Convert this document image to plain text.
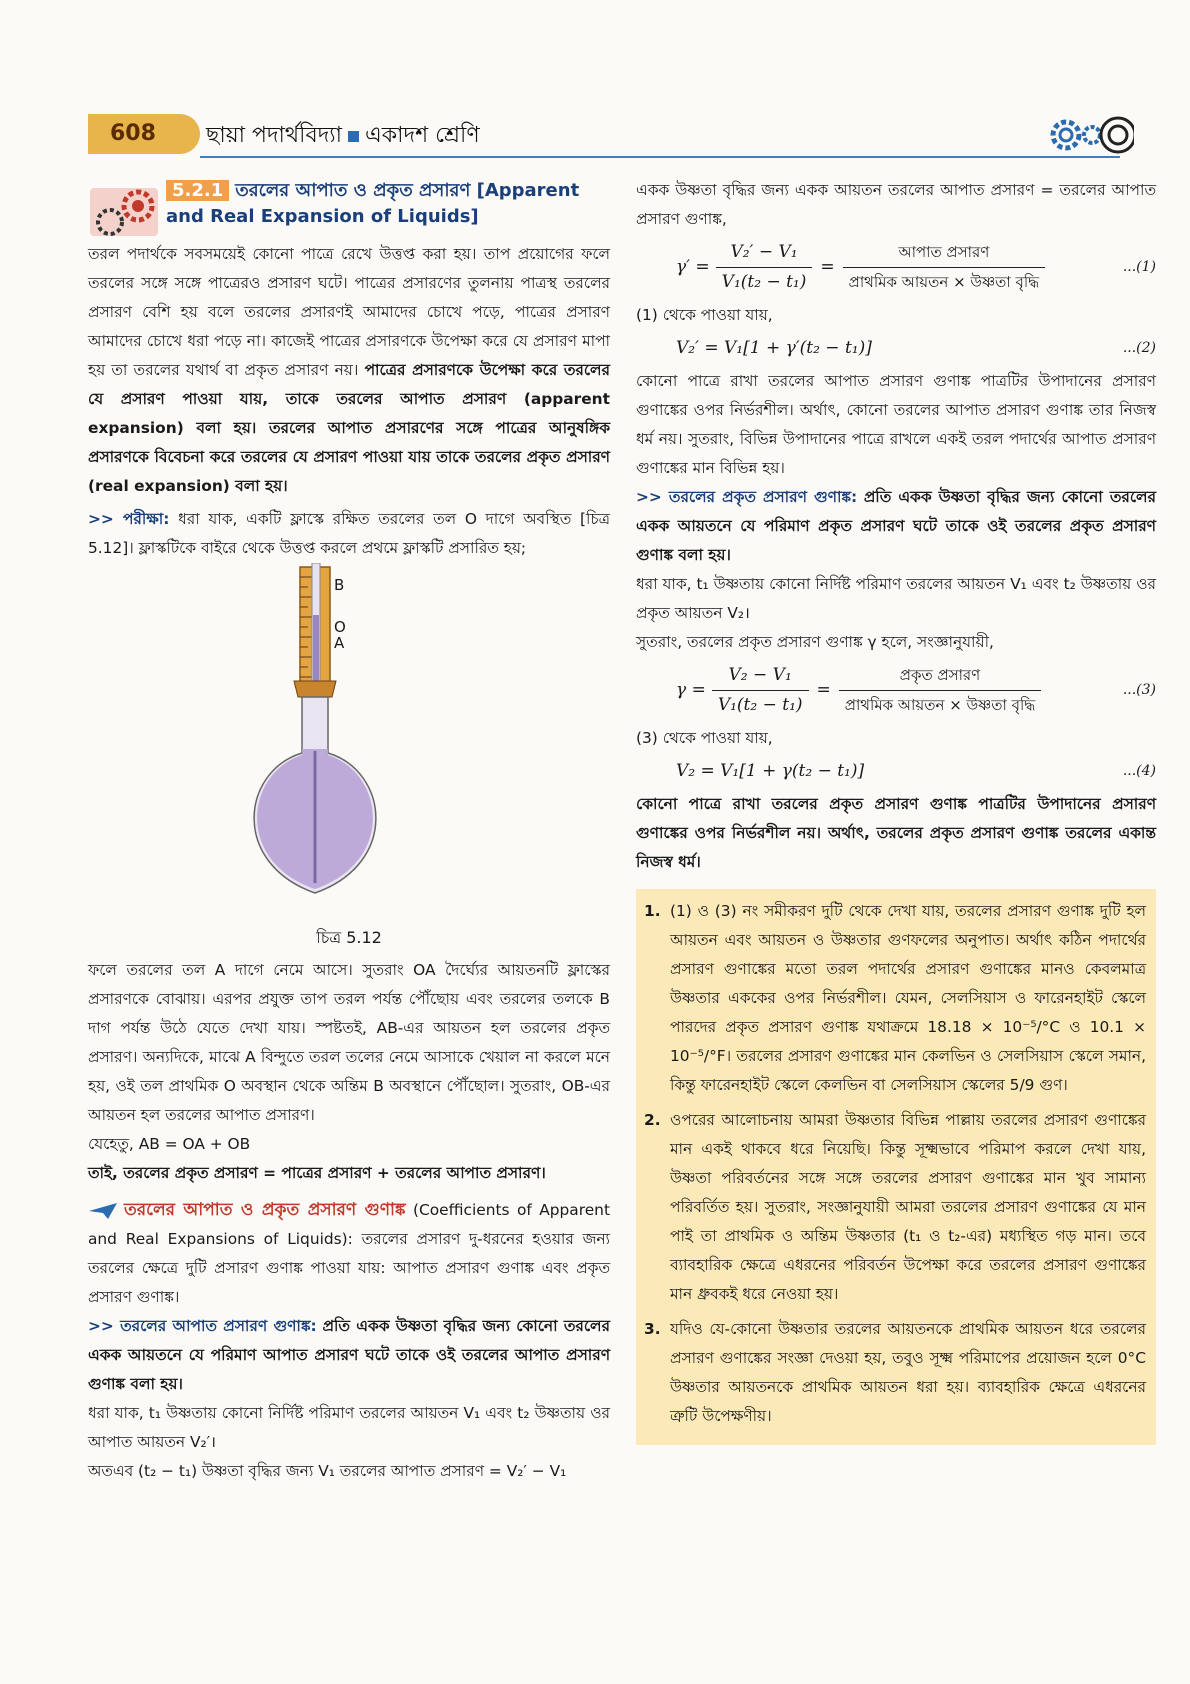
608	ছায়া পদার্থবিদ্যা একাদশ শ্রেণি
5.2.1 তরলের আপাত ও প্রকৃত প্রসারণ [Apparent and Real Expansion of Liquids]

তরল পদার্থকে সবসময়েই কোনো পাত্রে রেখে উত্তপ্ত করা হয়। তাপ প্রয়োগের ফলে তরলের সঙ্গে সঙ্গে পাত্রেরও প্রসারণ ঘটে। পাত্রের প্রসারণের তুলনায় পাত্রস্থ তরলের প্রসারণ বেশি হয় বলে তরলের প্রসারণই আমাদের চোখে পড়ে, পাত্রের প্রসারণ আমাদের চোখে ধরা পড়ে না। কাজেই পাত্রের প্রসারণকে উপেক্ষা করে যে প্রসারণ মাপা হয় তা তরলের যথার্থ বা প্রকৃত প্রসারণ নয়। পাত্রের প্রসারণকে উপেক্ষা করে তরলের যে প্রসারণ পাওয়া যায়, তাকে তরলের আপাত প্রসারণ (apparent expansion) বলা হয়। তরলের আপাত প্রসারণের সঙ্গে পাত্রের আনুষঙ্গিক প্রসারণকে বিবেচনা করে তরলের যে প্রসারণ পাওয়া যায় তাকে তরলের প্রকৃত প্রসারণ (real expansion) বলা হয়।

>> পরীক্ষা: ধরা যাক, একটি ফ্লাস্কে রক্ষিত তরলের তল O দাগে অবস্থিত [চিত্র 5.12]। ফ্লাস্কটিকে বাইরে থেকে উত্তপ্ত করলে প্রথমে ফ্লাস্কটি প্রসারিত হয়;

B
O
A
চিত্র 5.12

ফলে তরলের তল A দাগে নেমে আসে। সুতরাং OA দৈর্ঘ্যের আয়তনটি ফ্লাস্কের প্রসারণকে বোঝায়। এরপর প্রযুক্ত তাপ তরল পর্যন্ত পৌঁছোয় এবং তরলের তলকে B দাগ পর্যন্ত উঠে যেতে দেখা যায়। স্পষ্টতই, AB-এর আয়তন হল তরলের প্রকৃত প্রসারণ। অন্যদিকে, মাঝে A বিন্দুতে তরল তলের নেমে আসাকে খেয়াল না করলে মনে হয়, ওই তল প্রাথমিক O অবস্থান থেকে অন্তিম B অবস্থানে পৌঁছোল। সুতরাং, OB-এর আয়তন হল তরলের আপাত প্রসারণ।

যেহেতু, AB = OA + OB

তাই, তরলের প্রকৃত প্রসারণ = পাত্রের প্রসারণ + তরলের আপাত প্রসারণ।

তরলের আপাত ও প্রকৃত প্রসারণ গুণাঙ্ক (Coefficients of Apparent and Real Expansions of Liquids): তরলের প্রসারণ দু-ধরনের হওয়ার জন্য তরলের ক্ষেত্রে দুটি প্রসারণ গুণাঙ্ক পাওয়া যায়: আপাত প্রসারণ গুণাঙ্ক এবং প্রকৃত প্রসারণ গুণাঙ্ক।

>> তরলের আপাত প্রসারণ গুণাঙ্ক: প্রতি একক উষ্ণতা বৃদ্ধির জন্য কোনো তরলের একক আয়তনে যে পরিমাণ আপাত প্রসারণ ঘটে তাকে ওই তরলের আপাত প্রসারণ গুণাঙ্ক বলা হয়।

ধরা যাক, t₁ উষ্ণতায় কোনো নির্দিষ্ট পরিমাণ তরলের আয়তন V₁ এবং t₂ উষ্ণতায় ওর আপাত আয়তন V₂′।

অতএব (t₂ − t₁) উষ্ণতা বৃদ্ধির জন্য V₁ তরলের আপাত প্রসারণ = V₂′ − V₁

একক উষ্ণতা বৃদ্ধির জন্য একক আয়তন তরলের আপাত প্রসারণ = তরলের আপাত প্রসারণ গুণাঙ্ক,

$\gamma' = \frac{\text{V₂′ − V₁}}{\text{V₁(t₂ − t₁)}} = \frac{\text{আপাত প্রসারণ}}{\text{প্রাথমিক আয়তন × উষ্ণতা বৃদ্ধি}}$	...(1)

(1) থেকে পাওয়া যায়,

V₂′ = V₁[1 + γ′(t₂ − t₁)]	...(2)

কোনো পাত্রে রাখা তরলের আপাত প্রসারণ গুণাঙ্ক পাত্রটির উপাদানের প্রসারণ গুণাঙ্কের ওপর নির্ভরশীল। অর্থাৎ, কোনো তরলের আপাত প্রসারণ গুণাঙ্ক তার নিজস্ব ধর্ম নয়। সুতরাং, বিভিন্ন উপাদানের পাত্রে রাখলে একই তরল পদার্থের আপাত প্রসারণ গুণাঙ্কের মান বিভিন্ন হয়।

>> তরলের প্রকৃত প্রসারণ গুণাঙ্ক: প্রতি একক উষ্ণতা বৃদ্ধির জন্য কোনো তরলের একক আয়তনে যে পরিমাণ প্রকৃত প্রসারণ ঘটে তাকে ওই তরলের প্রকৃত প্রসারণ গুণাঙ্ক বলা হয়।

ধরা যাক, t₁ উষ্ণতায় কোনো নির্দিষ্ট পরিমাণ তরলের আয়তন V₁ এবং t₂ উষ্ণতায় ওর প্রকৃত আয়তন V₂।

সুতরাং, তরলের প্রকৃত প্রসারণ গুণাঙ্ক γ হলে, সংজ্ঞানুযায়ী,

$\gamma = \frac{\text{V₂ − V₁}}{\text{V₁(t₂ − t₁)}} = \frac{\text{প্রকৃত প্রসারণ}}{\text{প্রাথমিক আয়তন × উষ্ণতা বৃদ্ধি}}$	...(3)

(3) থেকে পাওয়া যায়,

V₂ = V₁[1 + γ(t₂ − t₁)]	...(4)

কোনো পাত্রে রাখা তরলের প্রকৃত প্রসারণ গুণাঙ্ক পাত্রটির উপাদানের প্রসারণ গুণাঙ্কের ওপর নির্ভরশীল নয়। অর্থাৎ, তরলের প্রকৃত প্রসারণ গুণাঙ্ক তরলের একান্ত নিজস্ব ধর্ম।

1. (1) ও (3) নং সমীকরণ দুটি থেকে দেখা যায়, তরলের প্রসারণ গুণাঙ্ক দুটি হল আয়তন এবং আয়তন ও উষ্ণতার গুণফলের অনুপাত। অর্থাৎ কঠিন পদার্থের প্রসারণ গুণাঙ্কের মতো তরল পদার্থের প্রসারণ গুণাঙ্কের মানও কেবলমাত্র উষ্ণতার এককের ওপর নির্ভরশীল। যেমন, সেলসিয়াস ও ফারেনহাইট স্কেলে পারদের প্রকৃত প্রসারণ গুণাঙ্ক যথাক্রমে 18.18 × 10⁻⁵/°C ও 10.1 × 10⁻⁵/°F। তরলের প্রসারণ গুণাঙ্কের মান কেলভিন ও সেলসিয়াস স্কেলে সমান, কিন্তু ফারেনহাইট স্কেলে কেলভিন বা সেলসিয়াস স্কেলের 5/9 গুণ।
2. ওপরের আলোচনায় আমরা উষ্ণতার বিভিন্ন পাল্লায় তরলের প্রসারণ গুণাঙ্কের মান একই থাকবে ধরে নিয়েছি। কিন্তু সূক্ষ্মভাবে পরিমাপ করলে দেখা যায়, উষ্ণতা পরিবর্তনের সঙ্গে সঙ্গে তরলের প্রসারণ গুণাঙ্কের মান খুব সামান্য পরিবর্তিত হয়। সুতরাং, সংজ্ঞানুযায়ী আমরা তরলের প্রসারণ গুণাঙ্কের যে মান পাই তা প্রাথমিক ও অন্তিম উষ্ণতার (t₁ ও t₂-এর) মধ্যস্থিত গড় মান। তবে ব্যাবহারিক ক্ষেত্রে এধরনের পরিবর্তন উপেক্ষা করে তরলের প্রসারণ গুণাঙ্কের মান ধ্রুবকই ধরে নেওয়া হয়।
3. যদিও যে-কোনো উষ্ণতার তরলের আয়তনকে প্রাথমিক আয়তন ধরে তরলের প্রসারণ গুণাঙ্কের সংজ্ঞা দেওয়া হয়, তবুও সূক্ষ্ম পরিমাপের প্রয়োজন হলে 0°C উষ্ণতার আয়তনকে প্রাথমিক আয়তন ধরা হয়। ব্যাবহারিক ক্ষেত্রে এধরনের ত্রুটি উপেক্ষণীয়।
